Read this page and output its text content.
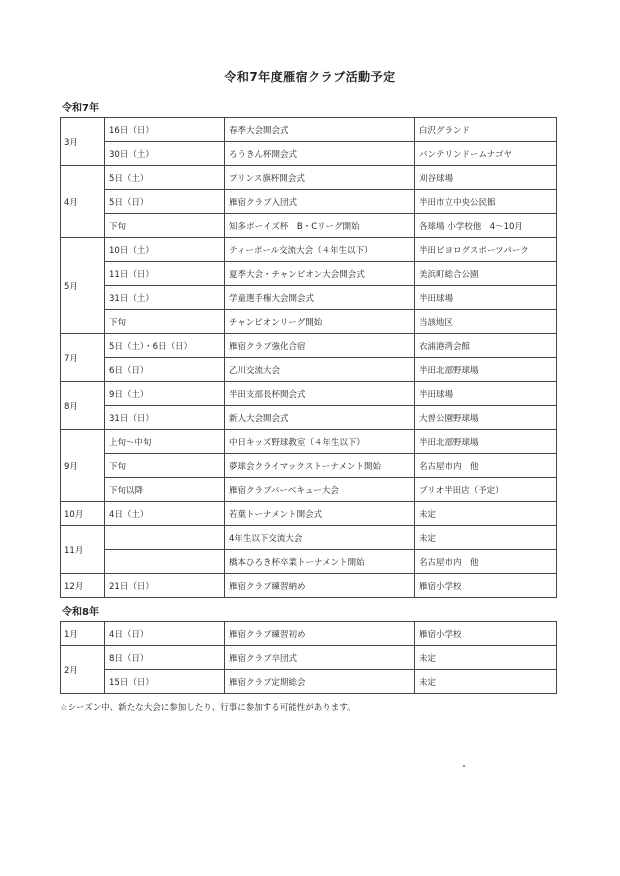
令和7年度雁宿クラブ活動予定
令和7年
3月	16日（日）	春季大会開会式	白沢グランド
	30日（土）	ろうきん杯開会式	バンテリンドームナゴヤ
4月	5日（土）	プリンス旗杯開会式	刈谷球場
	5日（日）	雁宿クラブ入団式	半田市立中央公民館
	下旬	知多ボーイズ杯　B・Cリーグ開始	各球場 小学校他　4～10月
5月	10日（土）	ティーボール交流大会（４年生以下）	半田ビヨログスポーツパーク
	11日（日）	夏季大会・チャンピオン大会開会式	美浜町総合公園
	31日（土）	学童選手権大会開会式	半田球場
	下旬	チャンピオンリーグ開始	当該地区
7月	5日（土）・6日（日）	雁宿クラブ強化合宿	衣浦港湾会館
	6日（日）	乙川交流大会	半田北部野球場
8月	9日（土）	半田支部長杯開会式	半田球場
	31日（日）	新人大会開会式	大曽公園野球場
9月	上旬～中旬	中日キッズ野球教室（４年生以下）	半田北部野球場
	下旬	夢球会クライマックストーナメント開始	名古屋市内　他
	下旬以降	雁宿クラブバーベキュー大会	ブリオ半田店（予定）
10月	4日（土）	若葉トーナメント開会式	未定
11月		4年生以下交流大会	未定
		橋本ひろき杯卒業トーナメント開始	名古屋市内　他
12月	21日（日）	雁宿クラブ練習納め	雁宿小学校
令和8年
1月	4日（日）	雁宿クラブ練習初め	雁宿小学校
2月	8日（日）	雁宿クラブ卒団式	未定
	15日（日）	雁宿クラブ定期総会	未定
☆シーズン中、新たな大会に参加したり、行事に参加する可能性があります。
